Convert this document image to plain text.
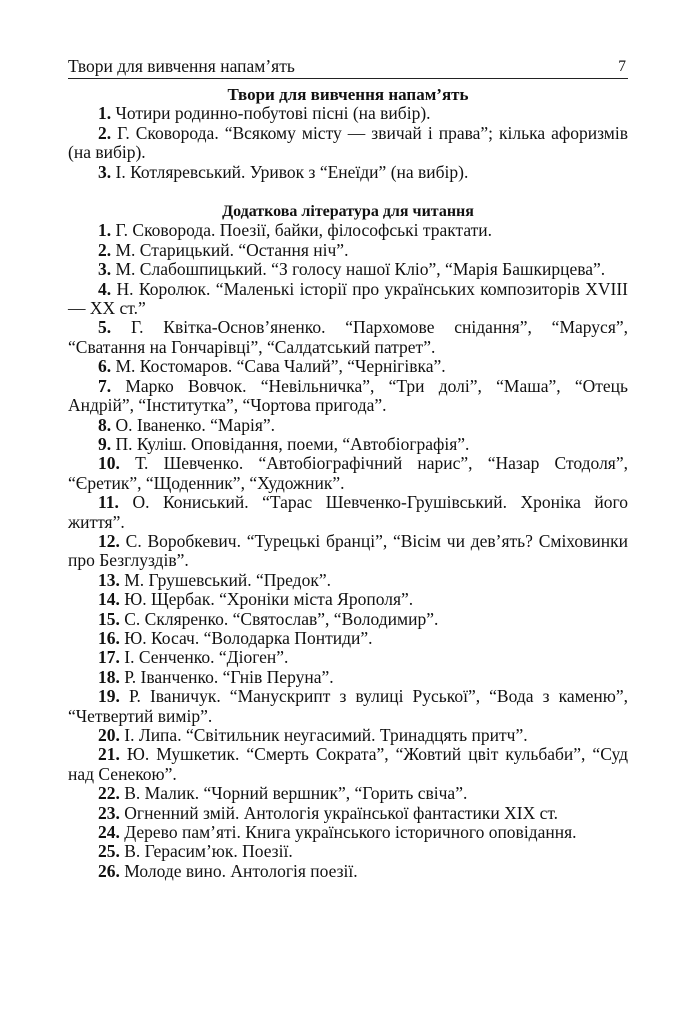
Твори для вивчення напам’ять	7

Твори для вивчення напам’ять

1. Чотири родинно-побутові пісні (на вибір).

2. Г. Сковорода. “Всякому місту — звичай і права”; кілька афоризмів (на вибір).

3. І. Котляревський. Уривок з “Енеїди” (на вибір).

Додаткова література для читання

1. Г. Сковорода. Поезії, байки, філософські трактати.

2. М. Старицький. “Остання ніч”.

3. М. Слабошпицький. “З голосу нашої Кліо”, “Марія Башкирцева”.

4. Н. Королюк. “Маленькі історії про українських композиторів XVIII — XX ст.”

5. Г. Квітка-Основ’яненко. “Пархомове снідання”, “Маруся”, “Сватання на Гончарівці”, “Салдатський патрет”.

6. М. Костомаров. “Сава Чалий”, “Чернігівка”.

7. Марко Вовчок. “Невільничка”, “Три долі”, “Маша”, “Отець Андрій”, “Інститутка”, “Чортова пригода”.

8. О. Іваненко. “Марія”.

9. П. Куліш. Оповідання, поеми, “Автобіографія”.

10. Т. Шевченко. “Автобіографічний нарис”, “Назар Стодоля”, “Єретик”, “Щоденник”, “Художник”.

11. О. Кониський. “Тарас Шевченко-Грушівський. Хроніка його життя”.

12. С. Воробкевич. “Турецькі бранці”, “Вісім чи дев’ять? Сміховинки про Безглуздів”.

13. М. Грушевський. “Предок”.

14. Ю. Щербак. “Хроніки міста Ярополя”.

15. С. Скляренко. “Святослав”, “Володимир”.

16. Ю. Косач. “Володарка Понтиди”.

17. І. Сенченко. “Діоген”.

18. Р. Іванченко. “Гнів Перуна”.

19. Р. Іваничук. “Манускрипт з вулиці Руської”, “Вода з каменю”, “Четвертий вимір”.

20. І. Липа. “Світильник неугасимий. Тринадцять притч”.

21. Ю. Мушкетик. “Смерть Сократа”, “Жовтий цвіт кульбаби”, “Суд над Сенекою”.

22. В. Малик. “Чорний вершник”, “Горить свіча”.

23. Огненний змій. Антологія української фантастики XIX ст.

24. Дерево пам’яті. Книга українського історичного оповідання.

25. В. Герасим’юк. Поезії.

26. Молоде вино. Антологія поезії.
